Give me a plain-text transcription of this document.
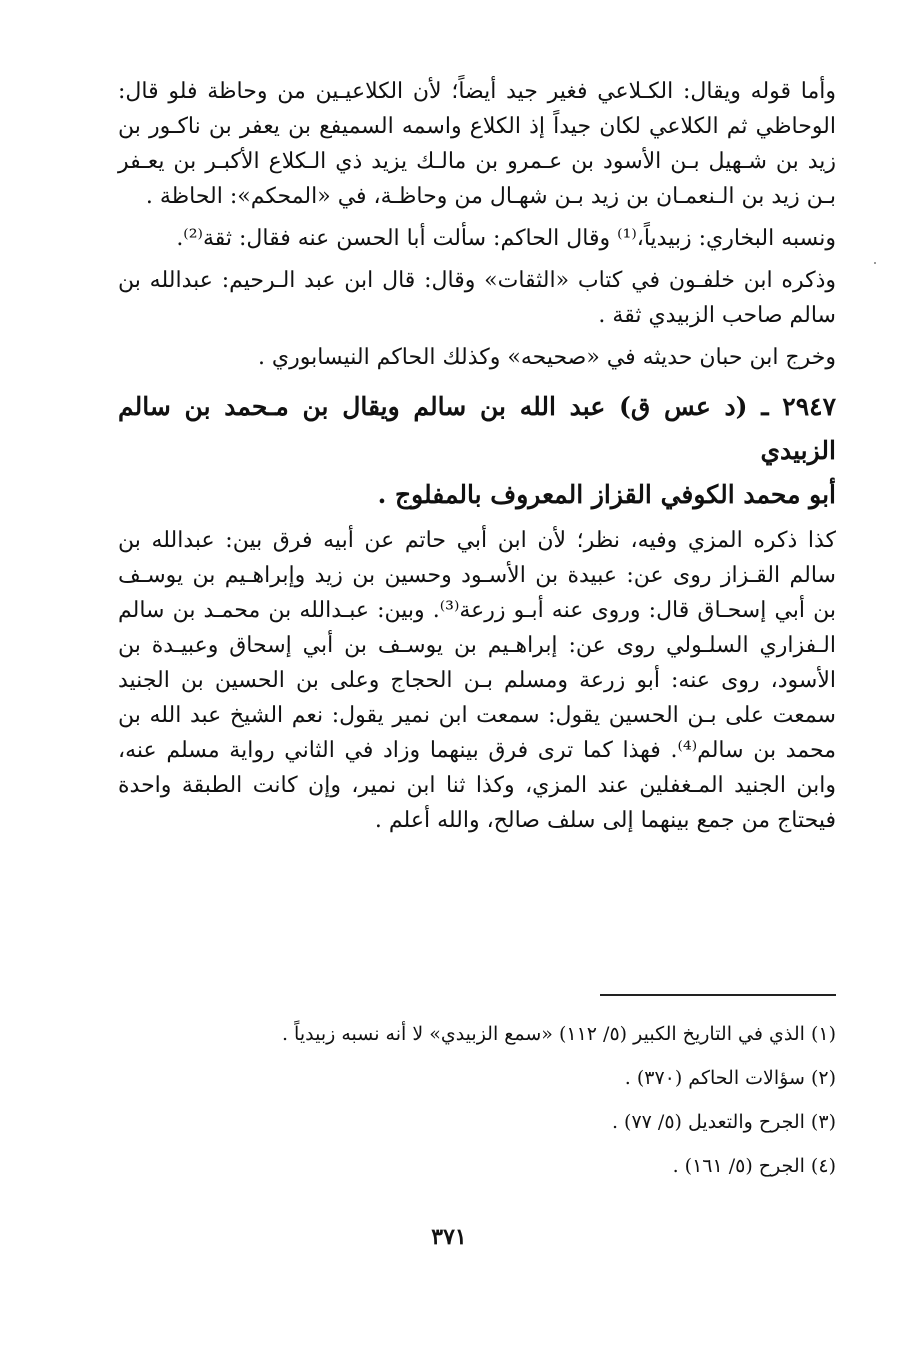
وأما قوله ويقال: الكـلاعي فغير جيد أيضاً؛ لأن الكلاعيـين من وحاظة فلو قال: الوحاظي ثم الكلاعي لكان جيداً إذ الكلاع واسمه السميفع بن يعفر بن ناكـور بن زيد بن شـهيل بـن الأسود بن عـمرو بن مالـك يزيد ذي الـكلاع الأكبـر بن يعـفر بـن زيد بن الـنعمـان بن زيد بـن شهـال من وحاظـة، في «المحكم»: الحاظة .

ونسبه البخاري: زبيدياً،⁽¹⁾ وقال الحاكم: سألت أبا الحسن عنه فقال: ثقة⁽²⁾.

وذكره ابن خلفـون في كتاب «الثقات» وقال: قال ابن عبد الـرحيم: عبدالله بن سالم صاحب الزبيدي ثقة .

وخرج ابن حبان حديثه في «صحيحه» وكذلك الحاكم النيسابوري .

٢٩٤٧ ـ (د عس ق) عبد الله بن سالم ويقال بن مـحمد بن سالم الزبيدي
أبو محمد الكوفي القزاز المعروف بالمفلوج .

كذا ذكره المزي وفيه، نظر؛ لأن ابن أبي حاتم عن أبيه فرق بين: عبدالله بن سالم القـزاز روى عن: عبيدة بن الأسـود وحسين بن زيد وإبراهـيم بن يوسـف بن أبي إسحـاق قال: وروى عنه أبـو زرعة⁽³⁾. وبين: عبـدالله بن محمـد بن سالم الـفزاري السلـولي روى عن: إبراهـيم بن يوسـف بن أبي إسحاق وعبيـدة بن الأسود، روى عنه: أبو زرعة ومسلم بـن الحجاج وعلى بن الحسين بن الجنيد سمعت على بـن الحسين يقول: سمعت ابن نمير يقول: نعم الشيخ عبد الله بن محمد بن سالم⁽⁴⁾. فهذا كما ترى فرق بينهما وزاد في الثاني رواية مسلم عنه، وابن الجنيد المـغفلين عند المزي، وكذا ثنا ابن نمير، وإن كانت الطبقة واحدة فيحتاج من جمع بينهما إلى سلف صالح، والله أعلم .

(١) الذي في التاريخ الكبير (٥/ ١١٢) «سمع الزبيدي» لا أنه نسبه زبيدياً .

(٢) سؤالات الحاكم (٣٧٠) .

(٣) الجرح والتعديل (٥/ ٧٧) .

(٤) الجرح (٥/ ١٦١) .

٣٧١
